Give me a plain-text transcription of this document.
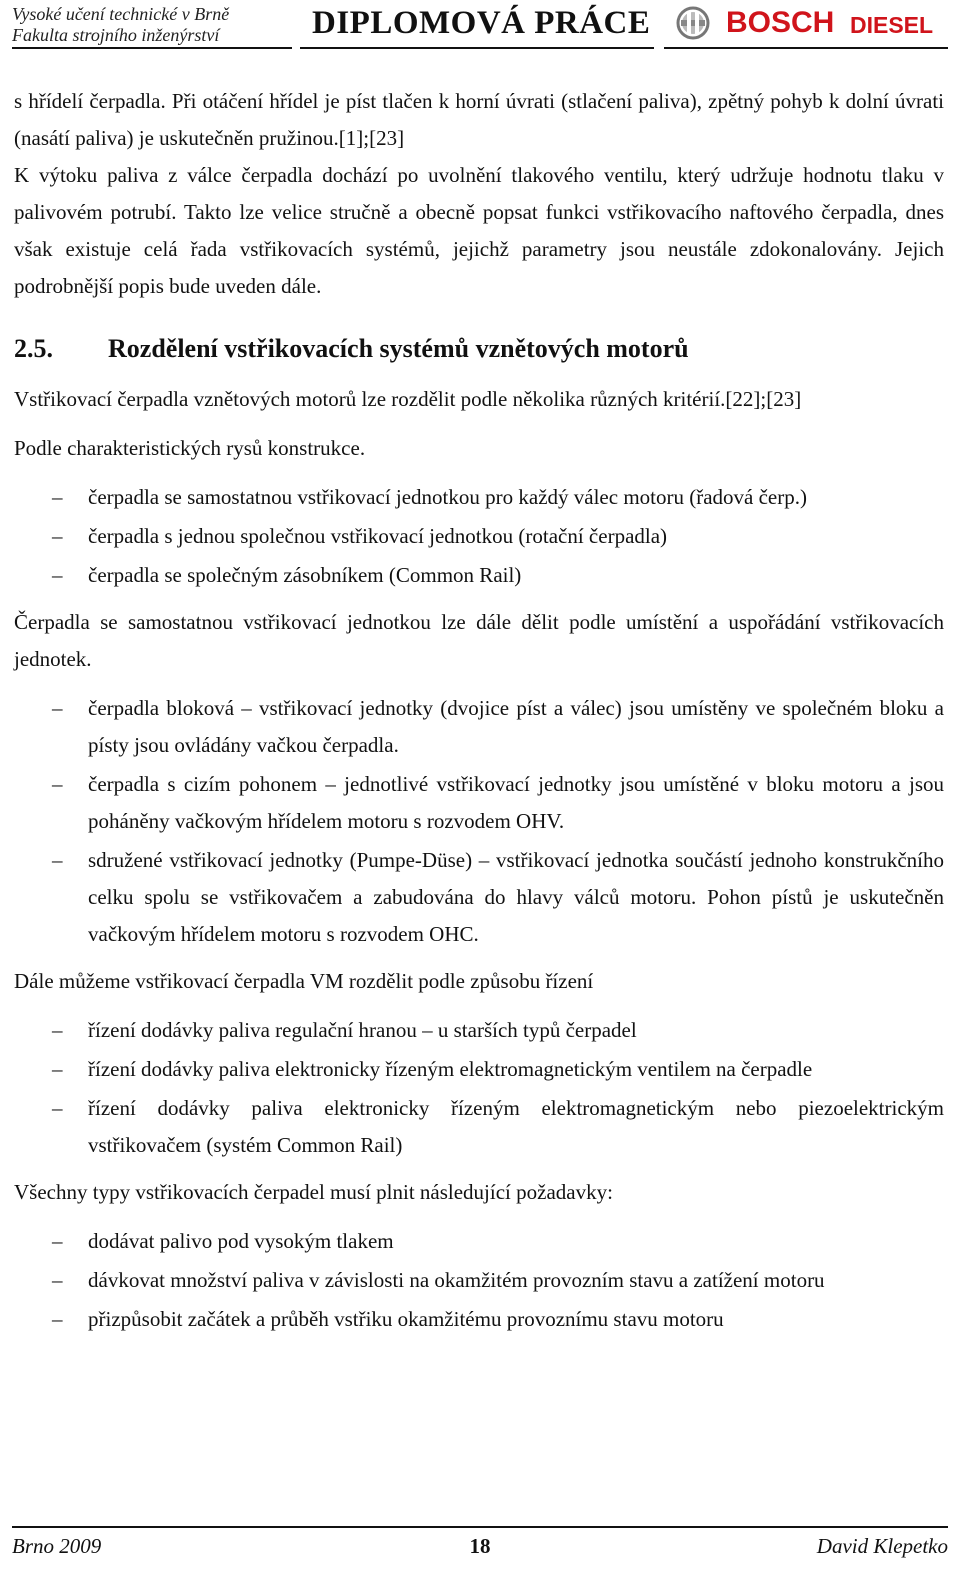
Vysoké učení technické v Brně
Fakulta strojního inženýrství	DIPLOMOVÁ PRÁCE	BOSCH DIESEL

s hřídelí čerpadla. Při otáčení hřídel je píst tlačen k horní úvrati (stlačení paliva), zpětný pohyb k dolní úvrati (nasátí paliva) je uskutečněn pružinou.[1];[23]

K výtoku paliva z válce čerpadla dochází po uvolnění tlakového ventilu, který udržuje hodnotu tlaku v palivovém potrubí. Takto lze velice stručně a obecně popsat funkci vstřikovacího naftového čerpadla, dnes však existuje celá řada vstřikovacích systémů, jejichž parametry jsou neustále zdokonalovány. Jejich podrobnější popis bude uveden dále.

2.5. Rozdělení vstřikovacích systémů vznětových motorů

Vstřikovací čerpadla vznětových motorů lze rozdělit podle několika různých kritérií.[22];[23]

Podle charakteristických rysů konstrukce.

– čerpadla se samostatnou vstřikovací jednotkou pro každý válec motoru (řadová čerp.)
– čerpadla s jednou společnou vstřikovací jednotkou (rotační čerpadla)
– čerpadla se společným zásobníkem (Common Rail)

Čerpadla se samostatnou vstřikovací jednotkou lze dále dělit podle umístění a uspořádání vstřikovacích jednotek.

– čerpadla bloková – vstřikovací jednotky (dvojice píst a válec) jsou umístěny ve společném bloku a písty jsou ovládány vačkou čerpadla.
– čerpadla s cizím pohonem – jednotlivé vstřikovací jednotky jsou umístěné v bloku motoru a jsou poháněny vačkovým hřídelem motoru s rozvodem OHV.
– sdružené vstřikovací jednotky (Pumpe-Düse) – vstřikovací jednotka součástí jednoho konstrukčního celku spolu se vstřikovačem a zabudována do hlavy válců motoru. Pohon pístů je uskutečněn vačkovým hřídelem motoru s rozvodem OHC.

Dále můžeme vstřikovací čerpadla VM rozdělit podle způsobu řízení

– řízení dodávky paliva regulační hranou – u starších typů čerpadel
– řízení dodávky paliva elektronicky řízeným elektromagnetickým ventilem na čerpadle
– řízení dodávky paliva elektronicky řízeným elektromagnetickým nebo piezoelektrickým vstřikovačem (systém Common Rail)

Všechny typy vstřikovacích čerpadel musí plnit následující požadavky:

– dodávat palivo pod vysokým tlakem
– dávkovat množství paliva v závislosti na okamžitém provozním stavu a zatížení motoru
– přizpůsobit začátek a průběh vstřiku okamžitému provoznímu stavu motoru
Brno 2009	18	David Klepetko
